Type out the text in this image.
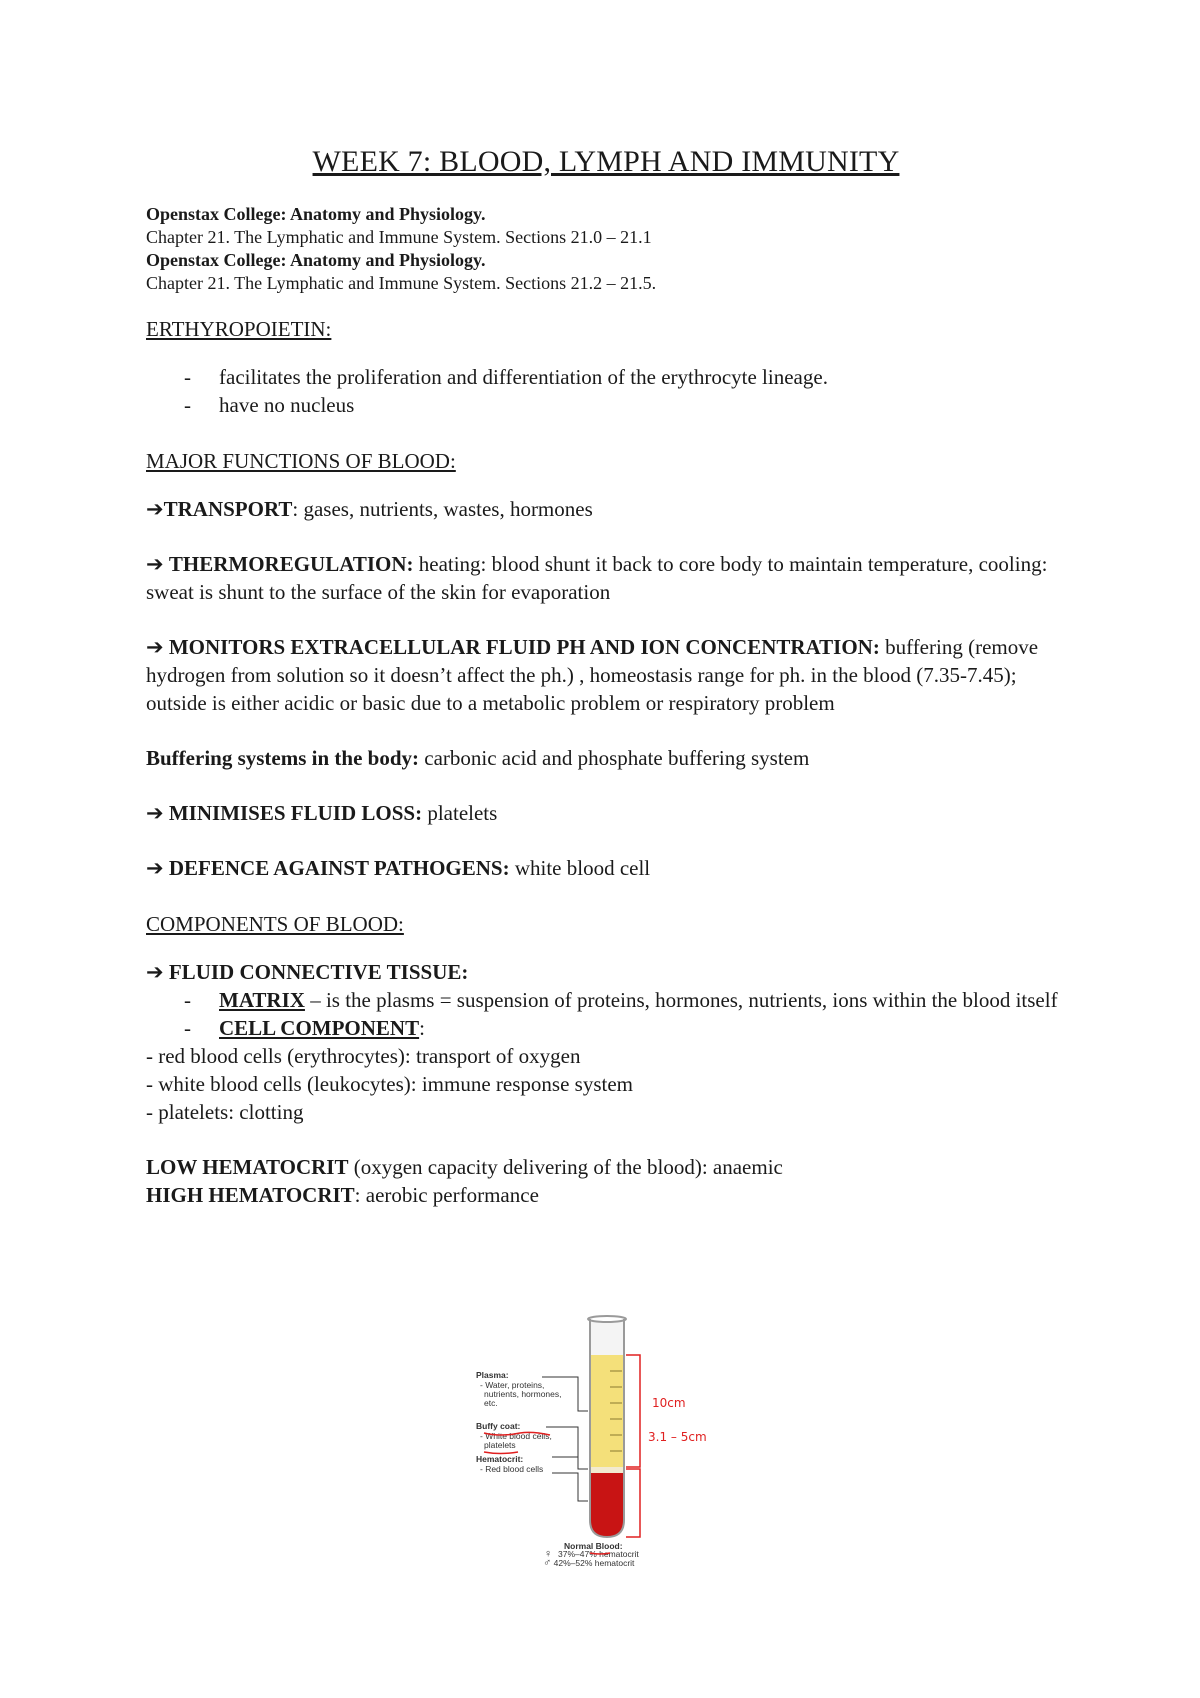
WEEK 7: BLOOD, LYMPH AND IMMUNITY
Openstax College: Anatomy and Physiology.
Chapter 21. The Lymphatic and Immune System. Sections 21.0 – 21.1
Openstax College: Anatomy and Physiology.
Chapter 21. The Lymphatic and Immune System. Sections 21.2 – 21.5.
ERTHYROPOIETIN:
- facilitates the proliferation and differentiation of the erythrocyte lineage.
- have no nucleus
MAJOR FUNCTIONS OF BLOOD:
➔TRANSPORT: gases, nutrients, wastes, hormones
➔ THERMOREGULATION: heating: blood shunt it back to core body to maintain temperature, cooling: sweat is shunt to the surface of the skin for evaporation
➔ MONITORS EXTRACELLULAR FLUID PH AND ION CONCENTRATION: buffering (remove hydrogen from solution so it doesn’t affect the ph.) , homeostasis range for ph. in the blood (7.35-7.45); outside is either acidic or basic due to a metabolic problem or respiratory problem
Buffering systems in the body: carbonic acid and phosphate buffering system
➔ MINIMISES FLUID LOSS: platelets
➔ DEFENCE AGAINST PATHOGENS: white blood cell
COMPONENTS OF BLOOD:
➔ FLUID CONNECTIVE TISSUE:
- MATRIX – is the plasms = suspension of proteins, hormones, nutrients, ions within the blood itself
- CELL COMPONENT:
- red blood cells (erythrocytes): transport of oxygen
- white blood cells (leukocytes): immune response system
- platelets: clotting
LOW HEMATOCRIT (oxygen capacity delivering of the blood): anaemic
HIGH HEMATOCRIT: aerobic performance
Plasma:
- Water, proteins,
nutrients, hormones,
etc.
Buffy coat:
- White blood cells,
platelets
Hematocrit:
- Red blood cells
Normal Blood:
♀ 37%–47% hematocrit
10cm
3.1 – 5cm
♂ 42%–52% hematocrit
